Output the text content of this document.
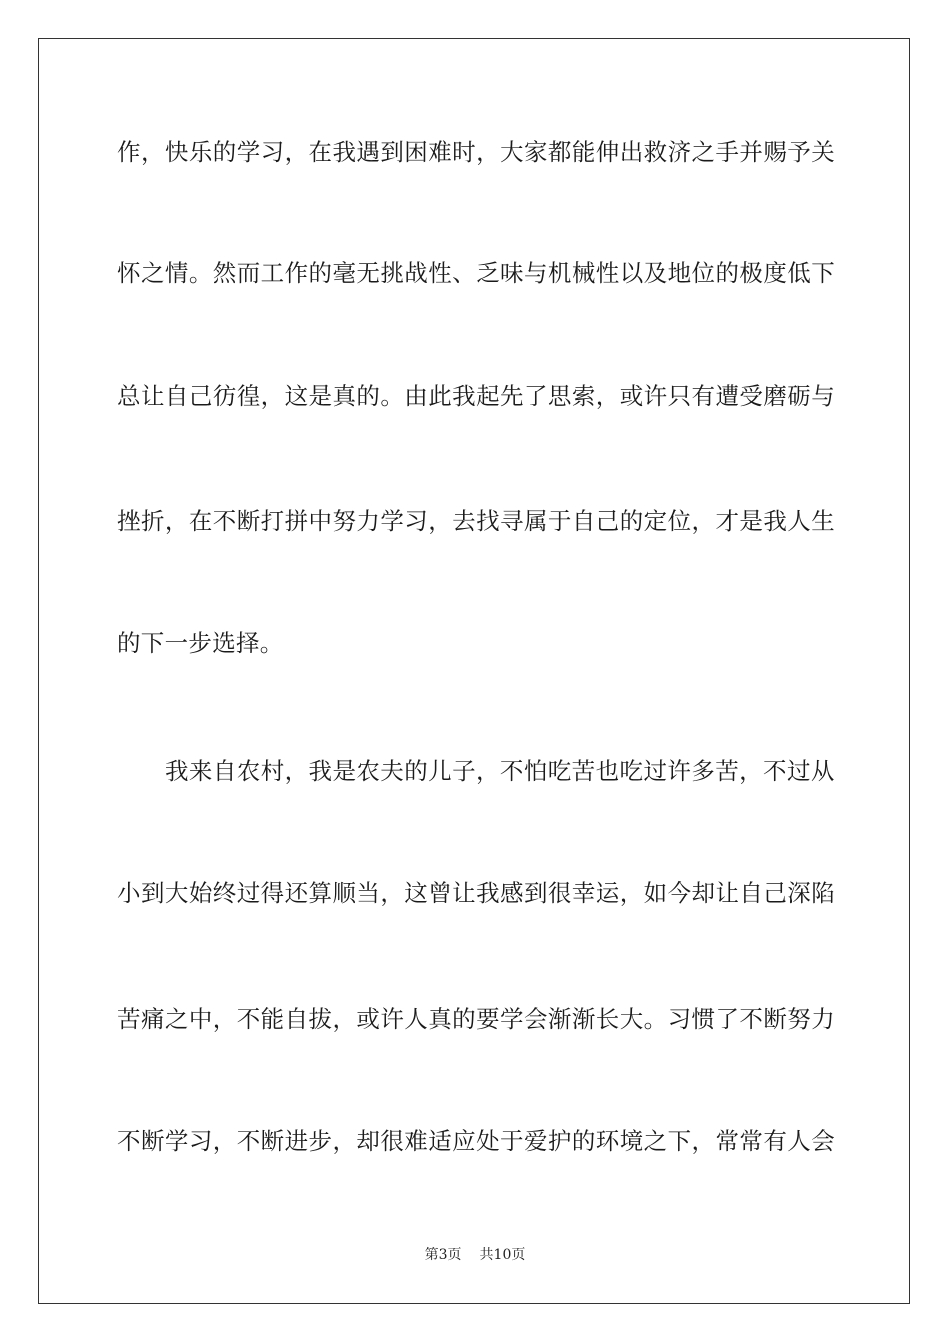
作 ， 快 乐 的 学 习 ， 在 我 遇 到 困 难 时 ， 大 家 都 能 伸 出 救 济 之 手 并 赐 予 关
怀 之 情 。 然 而 工 作 的 毫 无 挑 战 性 、 乏 味 与 机 械 性 以 及 地 位 的 极 度 低 下
总 让 自 己 彷 徨 ， 这 是 真 的 。 由 此 我 起 先 了 思 索 ， 或 许 只 有 遭 受 磨 砺 与
挫 折 ， 在 不 断 打 拼 中 努 力 学 习 ， 去 找 寻 属 于 自 己 的 定 位 ， 才 是 我 人 生
的下一步选择。
我 来 自 农 村 ， 我 是 农 夫 的 儿 子 ， 不 怕 吃 苦 也 吃 过 许 多 苦 ， 不 过 从
小 到 大 始 终 过 得 还 算 顺 当 ， 这 曾 让 我 感 到 很 幸 运 ， 如 今 却 让 自 己 深 陷
苦 痛 之 中 ， 不 能 自 拔 ， 或 许 人 真 的 要 学 会 渐 渐 长 大 。 习 惯 了 不 断 努 力
不 断 学 习 ， 不 断 进 步 ， 却 很 难 适 应 处 于 爱 护 的 环 境 之 下 ， 常 常 有 人 会
第3页 共10页
